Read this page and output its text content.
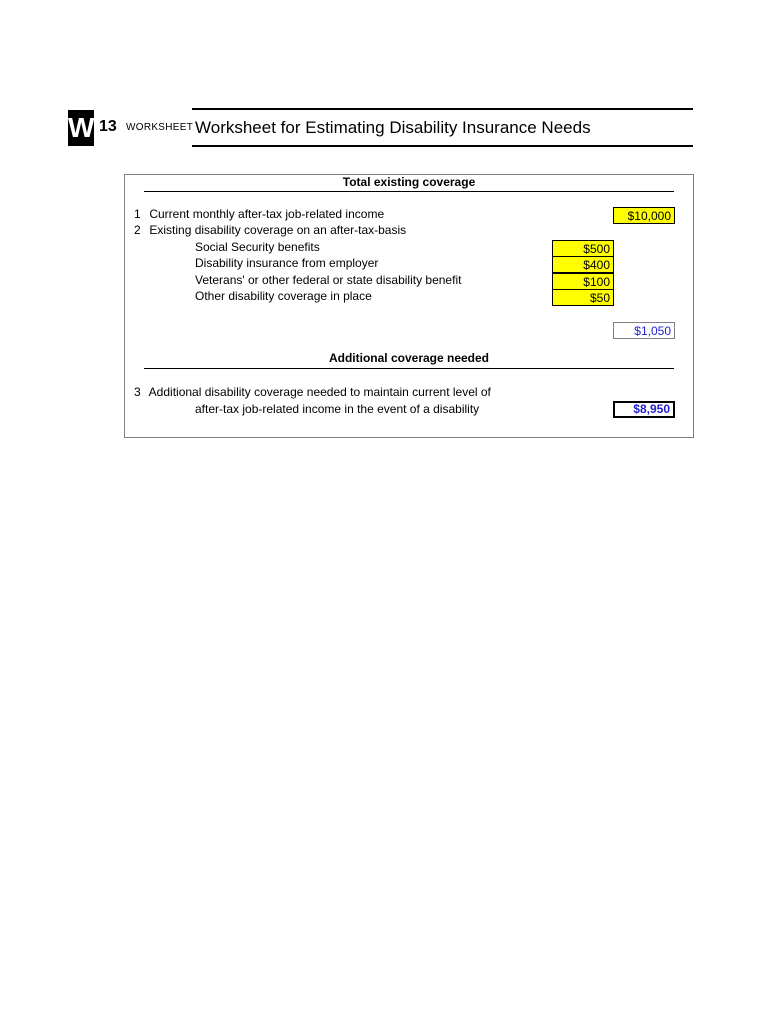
W 13 WORKSHEET Worksheet for Estimating Disability Insurance Needs
Total existing coverage
1 Current monthly after-tax job-related income	$10,000
2 Existing disability coverage on an after-tax-basis
Social Security benefits	$500
Disability insurance from employer	$400
Veterans' or other federal or state disability benefit	$100
Other disability coverage in place	$50
$1,050
Additional coverage needed
3 Additional disability coverage needed to maintain current level of
after-tax job-related income in the event of a disability	$8,950
